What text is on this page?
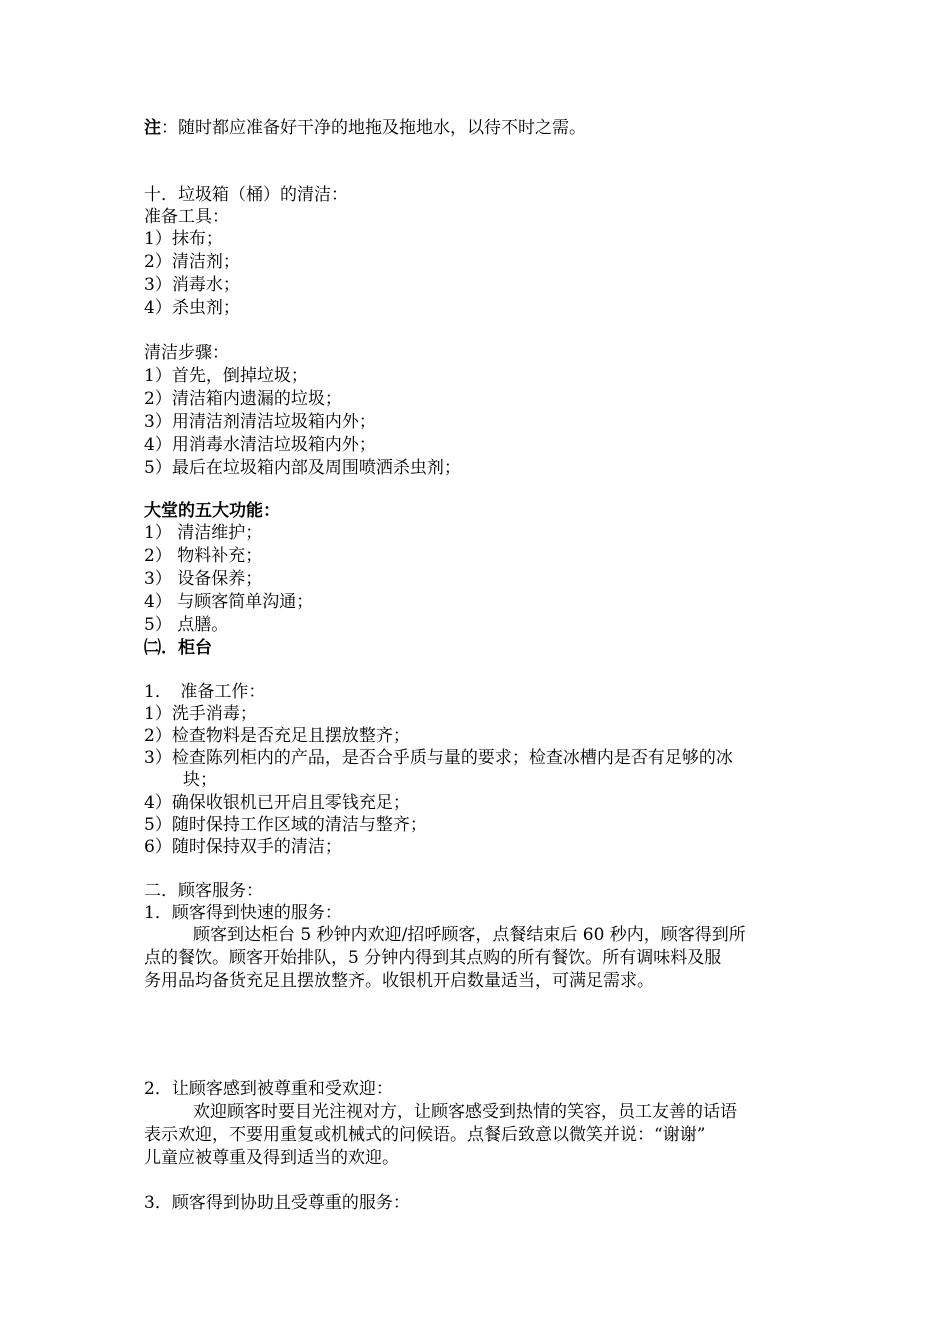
注：随时都应准备好干净的地拖及拖地水，以待不时之需。
十．垃圾箱（桶）的清洁：
准备工具：
1）抹布；
2）清洁剂；
3）消毒水；
4）杀虫剂；
清洁步骤：
1）首先，倒掉垃圾；
2）清洁箱内遗漏的垃圾；
3）用清洁剂清洁垃圾箱内外；
4）用消毒水清洁垃圾箱内外；
5）最后在垃圾箱内部及周围喷洒杀虫剂；
大堂的五大功能：
1） 清洁维护；
2） 物料补充；
3） 设备保养；
4） 与顾客简单沟通；
5） 点膳。
㈡．柜台
1．　准备工作：
1）洗手消毒；
2）检查物料是否充足且摆放整齐；
3）检查陈列柜内的产品，是否合乎质与量的要求；检查冰槽内是否有足够的冰
块；
4）确保收银机已开启且零钱充足；
5）随时保持工作区域的清洁与整齐；
6）随时保持双手的清洁；
二．顾客服务：
1．顾客得到快速的服务：
顾客到达柜台 5 秒钟内欢迎/招呼顾客，点餐结束后 60 秒内，顾客得到所
点的餐饮。顾客开始排队，5 分钟内得到其点购的所有餐饮。所有调味料及服
务用品均备货充足且摆放整齐。收银机开启数量适当，可满足需求。
2．让顾客感到被尊重和受欢迎：
欢迎顾客时要目光注视对方，让顾客感受到热情的笑容，员工友善的话语
表示欢迎，不要用重复或机械式的问候语。点餐后致意以微笑并说：“谢谢”
儿童应被尊重及得到适当的欢迎。
3．顾客得到协助且受尊重的服务：
